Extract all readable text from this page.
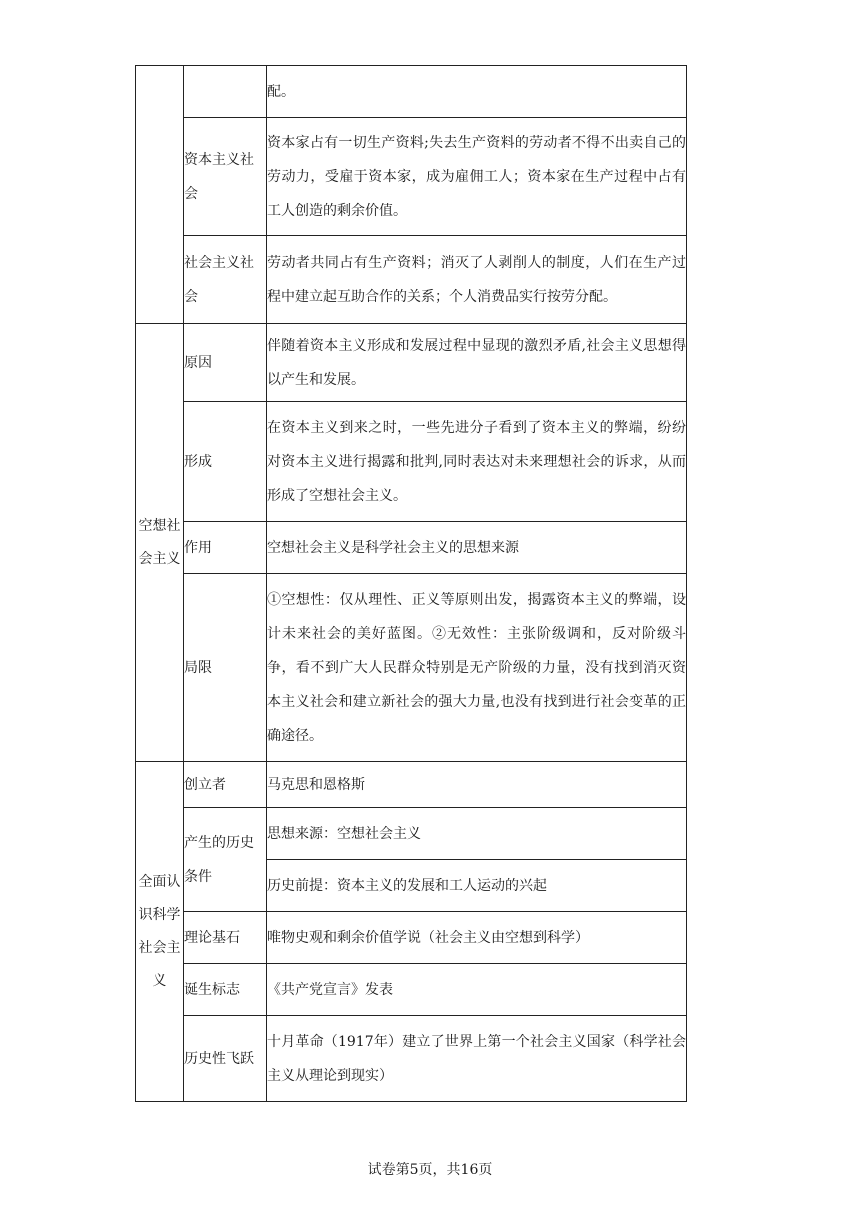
		配。
	资本主义社会	资本家占有一切生产资料;失去生产资料的劳动者不得不出卖自己的劳动力，受雇于资本家，成为雇佣工人；资本家在生产过程中占有工人创造的剩余价值。
	社会主义社会	劳动者共同占有生产资料；消灭了人剥削人的制度，人们在生产过程中建立起互助合作的关系；个人消费品实行按劳分配。
空想社会主义	原因	伴随着资本主义形成和发展过程中显现的激烈矛盾,社会主义思想得以产生和发展。
	形成	在资本主义到来之时，一些先进分子看到了资本主义的弊端，纷纷对资本主义进行揭露和批判,同时表达对未来理想社会的诉求，从而形成了空想社会主义。
	作用	空想社会主义是科学社会主义的思想来源
	局限	①空想性：仅从理性、正义等原则出发，揭露资本主义的弊端，设计未来社会的美好蓝图。②无效性：主张阶级调和，反对阶级斗争，看不到广大人民群众特别是无产阶级的力量，没有找到消灭资本主义社会和建立新社会的强大力量,也没有找到进行社会变革的正确途径。
全面认识科学社会主义	创立者	马克思和恩格斯
	产生的历史条件	思想来源：空想社会主义
		历史前提：资本主义的发展和工人运动的兴起
	理论基石	唯物史观和剩余价值学说（社会主义由空想到科学）
	诞生标志	《共产党宣言》发表
	历史性飞跃	十月革命（1917年）建立了世界上第一个社会主义国家（科学社会主义从理论到现实）
试卷第5页，共16页
